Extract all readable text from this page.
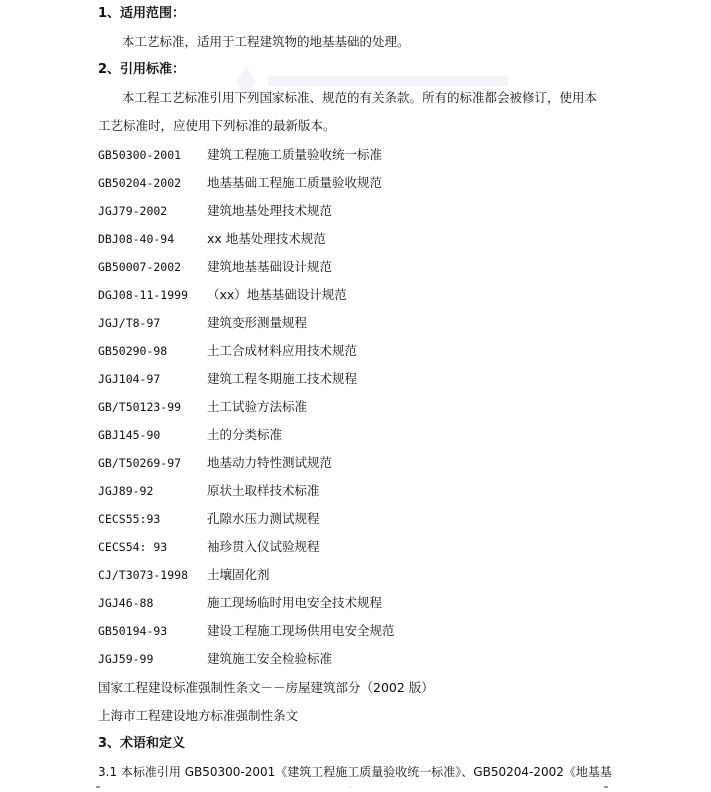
1、适用范围：
本工艺标准，适用于工程建筑物的地基基础的处理。
2、引用标准：
本工程工艺标准引用下列国家标准、规范的有关条款。所有的标准都会被修订，使用本
工艺标准时，应使用下列标准的最新版本。
GB50300-2001 建筑工程施工质量验收统一标准
GB50204-2002 地基基础工程施工质量验收规范
JGJ79-2002	建筑地基处理技术规范
DBJ08-40-94	xx 地基处理技术规范
GB50007-2002 建筑地基基础设计规范
DGJ08-11-1999 （xx）地基基础设计规范
JGJ/T8-97	建筑变形测量规程
GB50290-98	土工合成材料应用技术规范
JGJ104-97	建筑工程冬期施工技术规程
GB/T50123-99 土工试验方法标准
GBJ145-90	土的分类标准
GB/T50269-97 地基动力特性测试规范
JGJ89-92	原状土取样技术标准
CECS55:93	孔隙水压力测试规程
CECS54: 93	袖珍贯入仪试验规程
CJ/T3073-1998 土壤固化剂
JGJ46-88	施工现场临时用电安全技术规程
GB50194-93	建设工程施工现场供用电安全规范
JGJ59-99	建筑施工安全检验标准
国家工程建设标准强制性条文－－房屋建筑部分（2002 版）
上海市工程建设地方标准强制性条文
3、术语和定义
3.1 本标准引用 GB50300-2001《建筑工程施工质量验收统一标准》、GB50204-2002《地基基
·
